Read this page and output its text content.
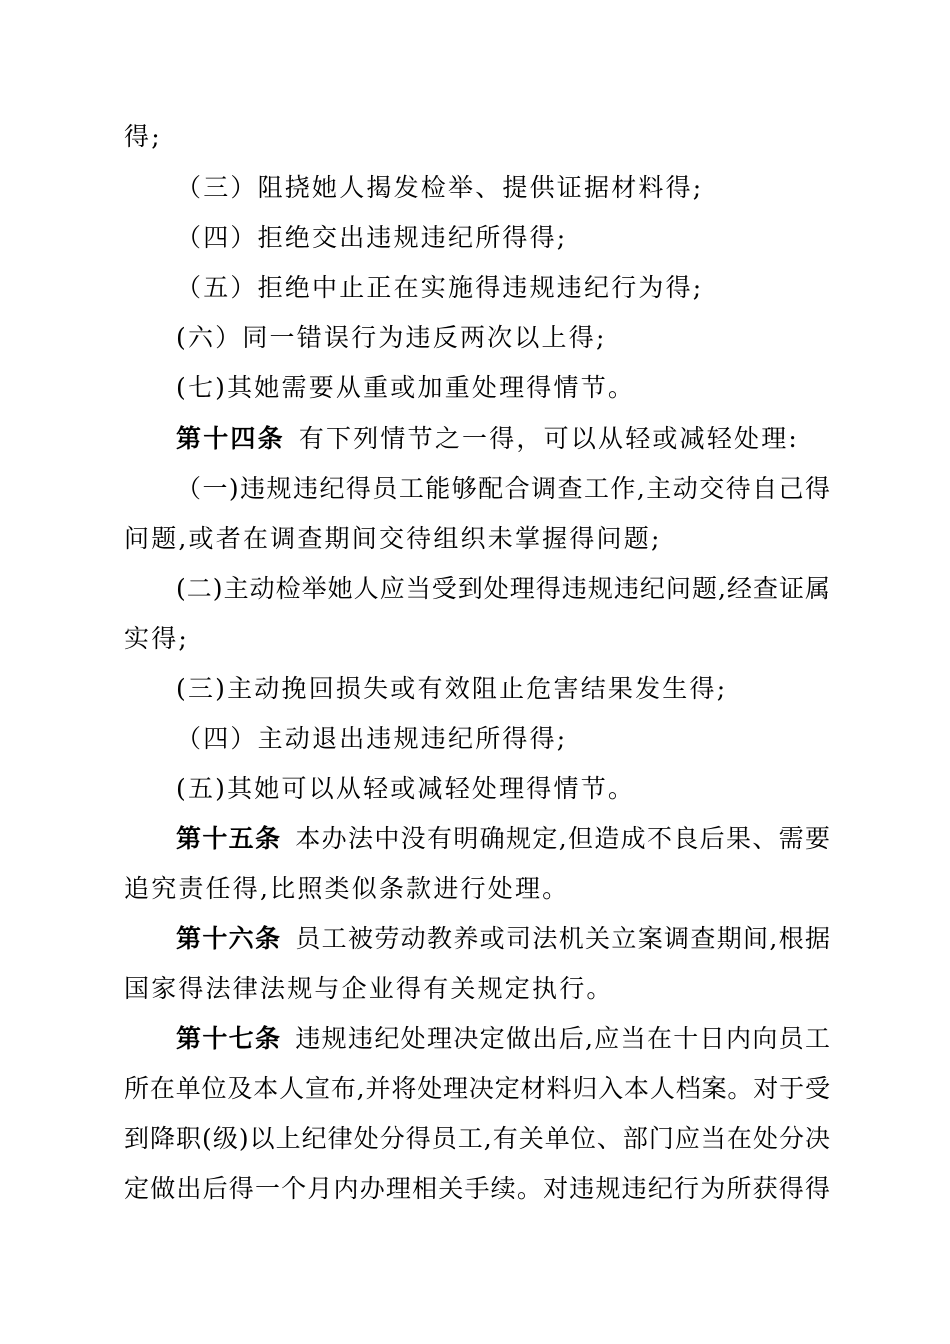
得;
（三）阻挠她人揭发检举、提供证据材料得;
（四）拒绝交出违规违纪所得得;
（五）拒绝中止正在实施得违规违纪行为得;
(六）同一错误行为违反两次以上得;
(七)其她需要从重或加重处理得情节。
第十四条 有下列情节之一得，可以从轻或减轻处理:
（一)违规违纪得员工能够配合调查工作,主动交待自己得
问题,或者在调查期间交待组织未掌握得问题;
(二)主动检举她人应当受到处理得违规违纪问题,经查证属
实得;
(三)主动挽回损失或有效阻止危害结果发生得;
（四）主动退出违规违纪所得得;
(五)其她可以从轻或减轻处理得情节。
第十五条 本办法中没有明确规定,但造成不良后果、需要
追究责任得,比照类似条款进行处理。
第十六条 员工被劳动教养或司法机关立案调查期间,根据
国家得法律法规与企业得有关规定执行。
第十七条 违规违纪处理决定做出后,应当在十日内向员工
所在单位及本人宣布,并将处理决定材料归入本人档案。对于受
到降职(级)以上纪律处分得员工,有关单位、部门应当在处分决
定做出后得一个月内办理相关手续。对违规违纪行为所获得得
